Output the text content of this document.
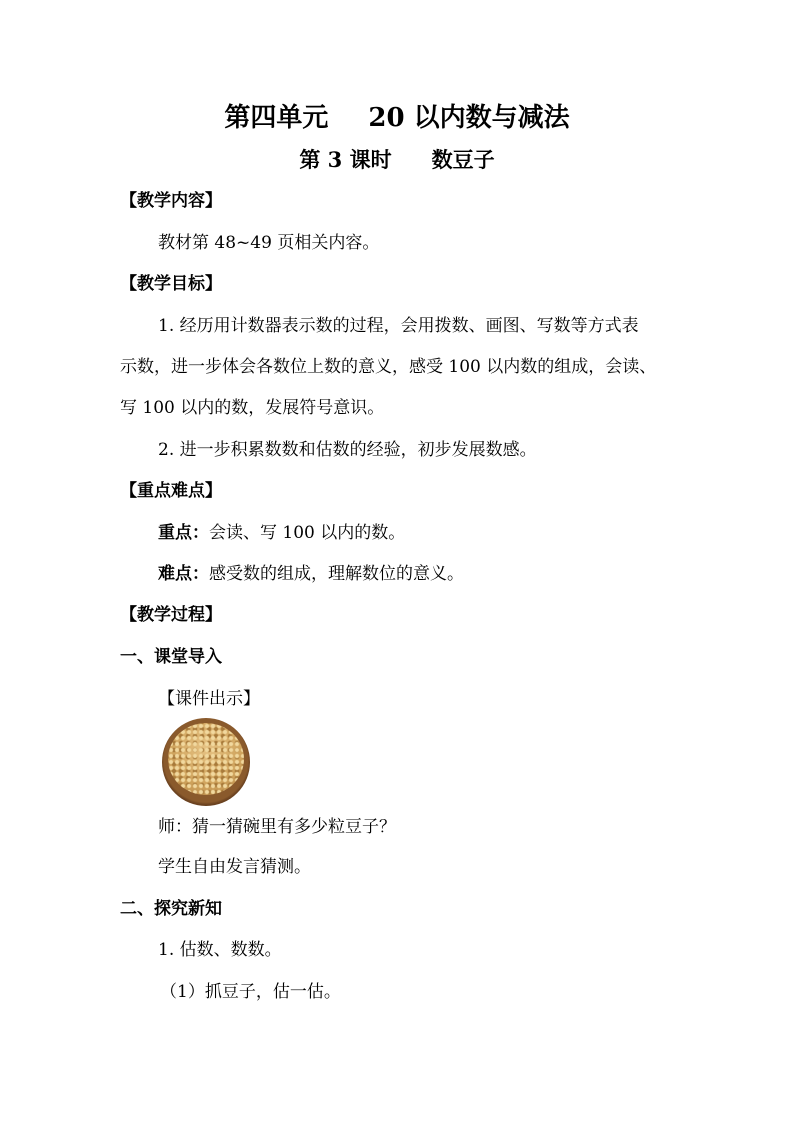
第四单元 20 以内数与减法
第 3 课时 数豆子
【教学内容】
教材第 48~49 页相关内容。
【教学目标】
1. 经历用计数器表示数的过程，会用拨数、画图、写数等方式表
示数，进一步体会各数位上数的意义，感受 100 以内数的组成，会读、
写 100 以内的数，发展符号意识。
2. 进一步积累数数和估数的经验，初步发展数感。
【重点难点】
重点：会读、写 100 以内的数。
难点：感受数的组成，理解数位的意义。
【教学过程】
一、课堂导入
【课件出示】
师：猜一猜碗里有多少粒豆子？
学生自由发言猜测。
二、探究新知
1. 估数、数数。
（1）抓豆子，估一估。
